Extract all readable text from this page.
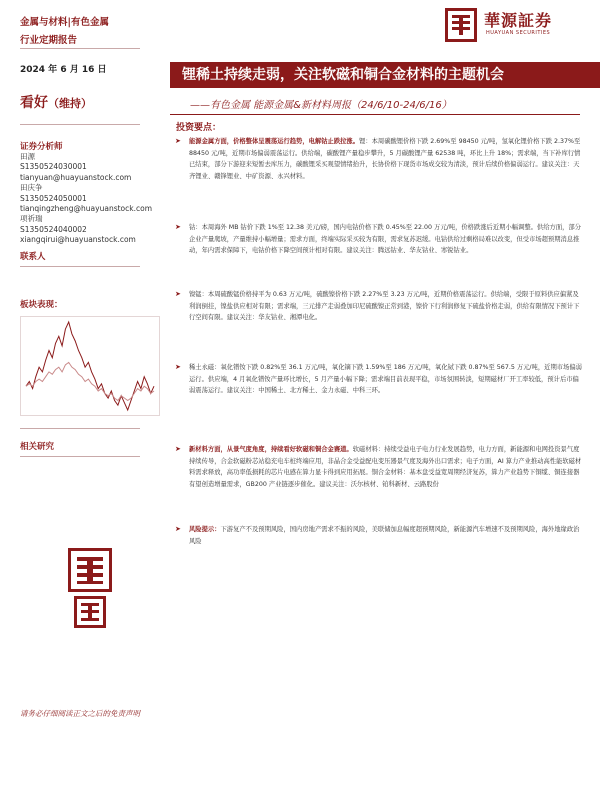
金属与材料|有色金属
行业定期报告
華源証券
HUAYUAN SECURITIES
2024 年 6 月 16 日
看好（维持）
锂稀土持续走弱，关注软磁和铜合金材料的主题机会
——有色金属 能源金属&新材料周报（24/6/10-24/6/16）
证券分析师
田源
S1350524030001
tianyuan@huayuanstock.com
田庆争
S1350524050001
tianqingzheng@huayuanstock.com
项祈瑞
S1350524040002
xiangqirui@huayuanstock.com
联系人
板块表现：
相关研究
投资要点：
➤ 能源金属方面，价格整体呈震荡运行趋势，电解钴止跌拉涨。锂：本周碳酸锂价格下跌 2.69%至 98450 元/吨，氢氧化锂价格下跌 2.37%至 88450 元/吨，近期市场偏弱震荡运行。供给端，碳酸锂产量稳步攀升，5 月碳酸锂产量 62538 吨，环比上升 18%；需求端，当下补库行情已结束，部分下游迎来短暂去库压力，碳酸锂采买观望情绪抬升，长协价格下现货市场成交较为清淡，预计后续价格偏弱运行。建议关注：天齐锂业、赣锋锂业、中矿资源、永兴材料。
➤ 钴：本周海外 MB 钴价下跌 1%至 12.38 美元/磅，国内电钴价格下跌 0.45%至 22.00 万元/吨，价格跌涨后近期小幅调整。供给方面，部分企业产量爬坡，产量维持小幅增量；需求方面，终端实际采买较为有限，需求复苏迟缓。电钴供给过剩格局难以改变，但受市场超预期消息推动，年内需求保障下，电钴价格下降空间预计相对有限。建议关注：腾远钴业、华友钴业、寒锐钴业。
➤ 镍锰：本周硫酸锰价格持平为 0.63 万元/吨，硫酸镍价格下跌 2.27%至 3.23 万元/吨，近期价格震荡运行。供给端，受限于原料供应偏紧及利润倒挂，镍盐供应相对有限；需求端，三元排产走弱叠加印尼硫酸镍正常到港，镍价下行利润修复下硫盐价格走弱，供给有限情况下预计下行空间有限。建议关注：华友钴业、湘潭电化。
➤ 稀土永磁：氧化镨钕下跌 0.82%至 36.1 万元/吨，氧化镝下跌 1.59%至 186 万元/吨，氧化铽下跌 0.87%至 567.5 万元/吨，近期市场偏弱运行。供应端，4 月氧化镨钕产量环比增长，5 月产量小幅下降；需求端目前表现平稳，市场氛围转淡，短期磁材厂开工率较低，预计后市偏弱震荡运行。建议关注：中国稀土、北方稀土、金力永磁、中科三环。
➤ 新材料方面，从景气度角度，持续看好软磁和铜合金赛道。软磁材料：持续受益电子电力行业发展趋势，电力方面，新能源和电网投资景气度持续传导，合金软磁粉芯站稳充电车桩终端应用，非晶合金受益配电变压器景气度及海外出口需求；电子方面，AI 算力产业推动高性能软磁材料需求释放，高功率低损耗的芯片电感在算力显卡得到应用拓展。铜合金材料：基本盘受益宽周期经济复苏，算力产业趋势下铜缆、铜连接器有望创造增量需求，GB200 产业链逐步催化。建议关注：沃尔核材、铂科新材、云路股份
➤ 风险提示：下游复产不及预期风险，国内房地产需求不振的风险，美联储加息幅度超预期风险，新能源汽车增速不及预期风险，海外地缘政治风险
请务必仔细阅读正文之后的免责声明
